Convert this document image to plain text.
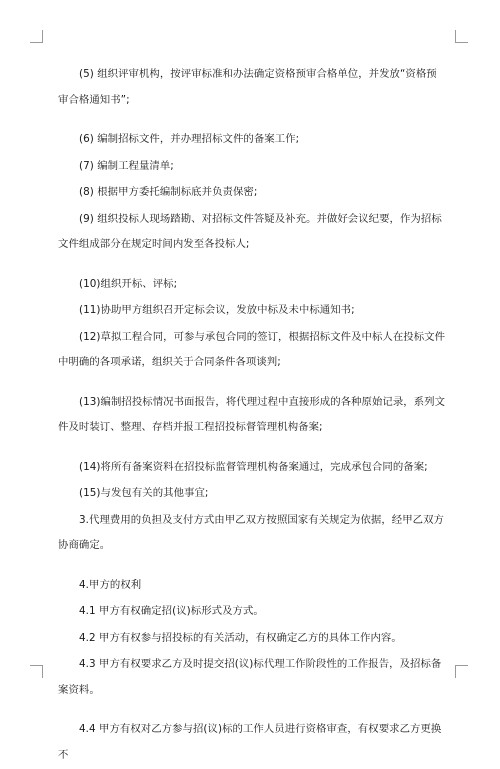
(5) 组织评审机构，按评审标准和办法确定资格预审合格单位，并发放“资格预审合格通知书”;

(6) 编制招标文件，并办理招标文件的备案工作;

(7) 编制工程量清单;

(8) 根据甲方委托编制标底并负责保密;

(9) 组织投标人现场踏勘、对招标文件答疑及补充。并做好会议纪要，作为招标文件组成部分在规定时间内发至各投标人;

(10)组织开标、评标;

(11)协助甲方组织召开定标会议，发放中标及未中标通知书;

(12)草拟工程合同，可参与承包合同的签订，根据招标文件及中标人在投标文件中明确的各项承诺，组织关于合同条件各项谈判;

(13)编制招投标情况书面报告，将代理过程中直接形成的各种原始记录，系列文件及时装订、整理、存档并报工程招投标督管理机构备案;

(14)将所有备案资料在招投标监督管理机构备案通过，完成承包合同的备案;

(15)与发包有关的其他事宜;

3.代理费用的负担及支付方式由甲乙双方按照国家有关规定为依据，经甲乙双方协商确定。

4.甲方的权利

4.1 甲方有权确定招(议)标形式及方式。

4.2 甲方有权参与招投标的有关活动，有权确定乙方的具体工作内容。

4.3 甲方有权要求乙方及时提交招(议)标代理工作阶段性的工作报告，及招标备案资料。

4.4 甲方有权对乙方参与招(议)标的工作人员进行资格审查，有权要求乙方更换不
